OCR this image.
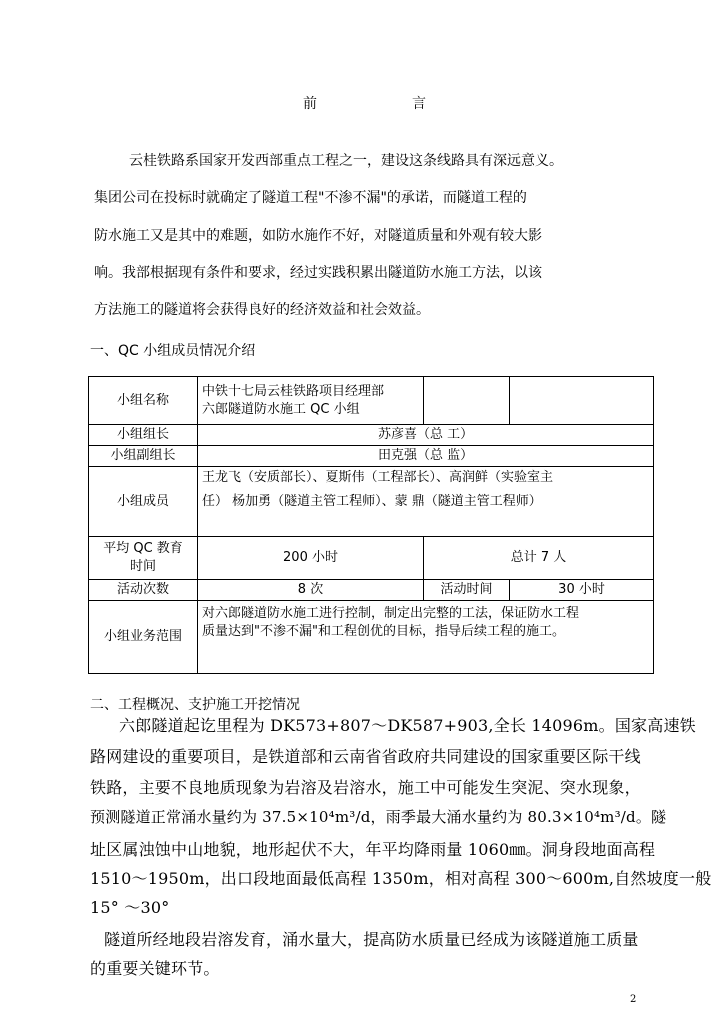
前	言
云桂铁路系国家开发西部重点工程之一，建设这条线路具有深远意义。
集团公司在投标时就确定了隧道工程"不渗不漏"的承诺，而隧道工程的
防水施工又是其中的难题，如防水施作不好，对隧道质量和外观有较大影
响。我部根据现有条件和要求，经过实践积累出隧道防水施工方法，以该
方法施工的隧道将会获得良好的经济效益和社会效益。
一、QC 小组成员情况介绍
小组名称	中铁十七局云桂铁路项目经理部
六郎隧道防水施工 QC 小组		

小组组长	苏彦喜（总 工）		
小组副组长	田克强（总 监）		
小组成员	王龙飞（安质部长）、夏斯伟（工程部长）、高润鲜（实验室主
任） 杨加勇（隧道主管工程师）、蒙 鼎（隧道主管工程师）		

平均 QC 教育
时间	200 小时	总计 7 人	
活动次数	8 次	活动时间	30 小时
小组业务范围	对六郎隧道防水施工进行控制，制定出完整的工法，保证防水工程
质量达到"不渗不漏"和工程创优的目标，指导后续工程的施工。		
二、工程概况、支护施工开挖情况
六郎隧道起讫里程为 DK573+807～DK587+903,全长 14096m。国家高速铁
路网建设的重要项目，是铁道部和云南省省政府共同建设的国家重要区际干线
铁路，主要不良地质现象为岩溶及岩溶水，施工中可能发生突泥、突水现象，
预测隧道正常涌水量约为 37.5×10⁴m³/d，雨季最大涌水量约为 80.3×10⁴m³/d。隧
址区属浊蚀中山地貌，地形起伏不大，年平均降雨量 1060㎜。洞身段地面高程
1510～1950m，出口段地面最低高程 1350m，相对高程 300～600m,自然坡度一般
15° ～30°
隧道所经地段岩溶发育，涌水量大，提高防水质量已经成为该隧道施工质量
的重要关键环节。
2
